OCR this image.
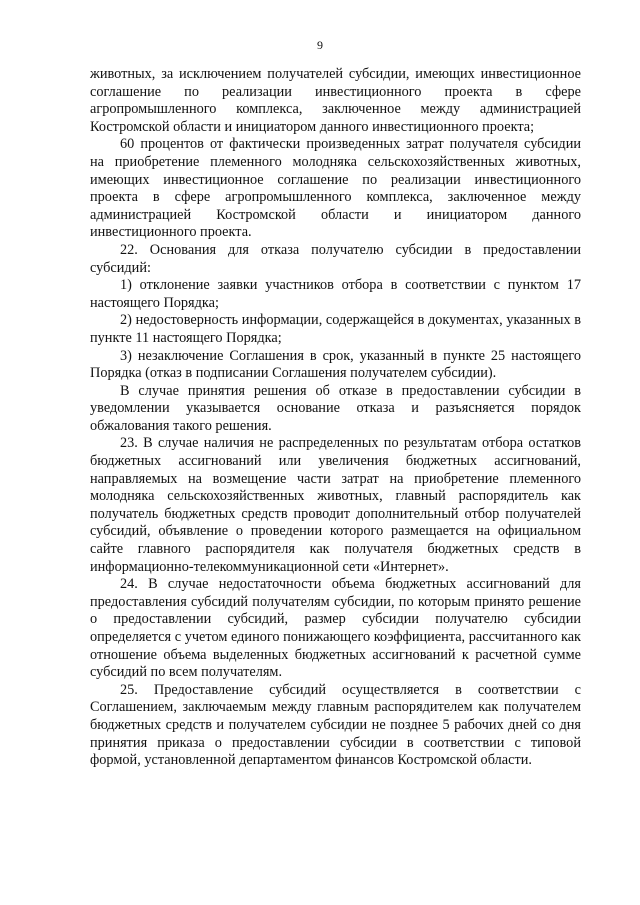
9

животных, за исключением получателей субсидии, имеющих инвестиционное соглашение по реализации инвестиционного проекта в сфере агропромышленного комплекса, заключенное между администрацией Костромской области и инициатором данного инвестиционного проекта;

60 процентов от фактически произведенных затрат получателя субсидии на приобретение племенного молодняка сельскохозяйственных животных, имеющих инвестиционное соглашение по реализации инвестиционного проекта в сфере агропромышленного комплекса, заключенное между администрацией Костромской области и инициатором данного инвестиционного проекта.

22. Основания для отказа получателю субсидии в предоставлении субсидий:

1) отклонение заявки участников отбора в соответствии с пунктом 17 настоящего Порядка;

2) недостоверность информации, содержащейся в документах, указанных в пункте 11 настоящего Порядка;

3) незаключение Соглашения в срок, указанный в пункте 25 настоящего Порядка (отказ в подписании Соглашения получателем субсидии).

В случае принятия решения об отказе в предоставлении субсидии в уведомлении указывается основание отказа и разъясняется порядок обжалования такого решения.

23. В случае наличия не распределенных по результатам отбора остатков бюджетных ассигнований или увеличения бюджетных ассигнований, направляемых на возмещение части затрат на приобретение племенного молодняка сельскохозяйственных животных, главный распорядитель как получатель бюджетных средств проводит дополнительный отбор получателей субсидий, объявление о проведении которого размещается на официальном сайте главного распорядителя как получателя бюджетных средств в информационно-телекоммуникационной сети «Интернет».

24. В случае недостаточности объема бюджетных ассигнований для предоставления субсидий получателям субсидии, по которым принято решение о предоставлении субсидий, размер субсидии получателю субсидии определяется с учетом единого понижающего коэффициента, рассчитанного как отношение объема выделенных бюджетных ассигнований к расчетной сумме субсидий по всем получателям.

25. Предоставление субсидий осуществляется в соответствии с Соглашением, заключаемым между главным распорядителем как получателем бюджетных средств и получателем субсидии не позднее 5 рабочих дней со дня принятия приказа о предоставлении субсидии в соответствии с типовой формой, установленной департаментом финансов Костромской области.
